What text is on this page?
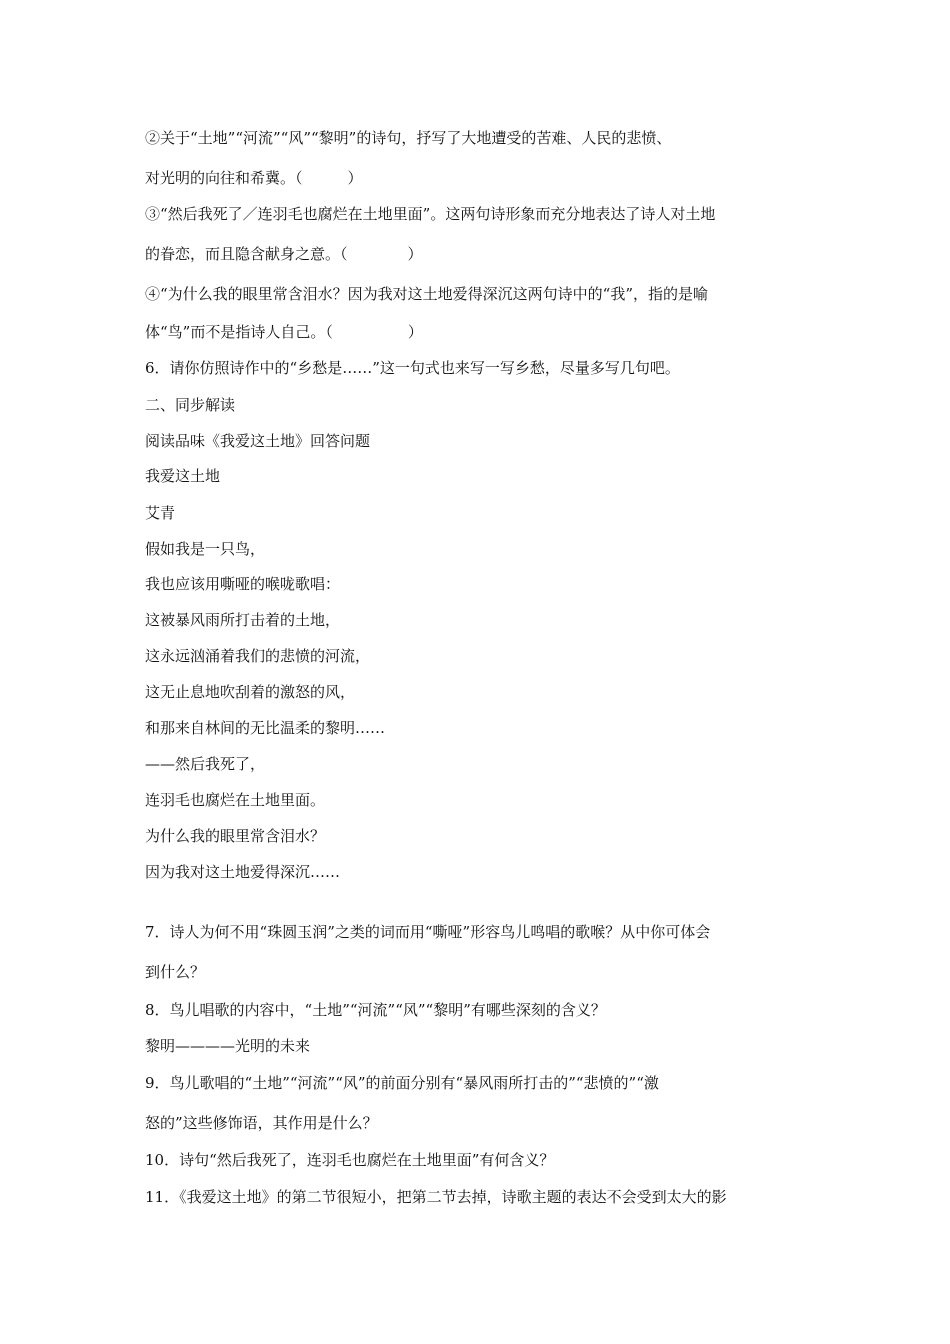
②关于“土地”“河流”“风”“黎明”的诗句，抒写了大地遭受的苦难、人民的悲愤、
对光明的向往和希冀。（　　　）
③“然后我死了／连羽毛也腐烂在土地里面”。这两句诗形象而充分地表达了诗人对土地
的眷恋，而且隐含献身之意。（　　　　）
④“为什么我的眼里常含泪水？因为我对这土地爱得深沉这两句诗中的“我”，指的是喻
体“鸟”而不是指诗人自己。（　　　　　）
6．请你仿照诗作中的“乡愁是……”这一句式也来写一写乡愁，尽量多写几句吧。
二、同步解读
阅读品味《我爱这土地》回答问题
我爱这土地
艾青
假如我是一只鸟，
我也应该用嘶哑的喉咙歌唱：
这被暴风雨所打击着的土地，
这永远汹涌着我们的悲愤的河流，
这无止息地吹刮着的激怒的风，
和那来自林间的无比温柔的黎明……
——然后我死了，
连羽毛也腐烂在土地里面。
为什么我的眼里常含泪水？
因为我对这土地爱得深沉……
7．诗人为何不用“珠圆玉润”之类的词而用“嘶哑”形容鸟儿鸣唱的歌喉？从中你可体会
到什么？
8．鸟儿唱歌的内容中，“土地”“河流”“风”“黎明”有哪些深刻的含义？
黎明————光明的未来
9．鸟儿歌唱的“土地”“河流”“风”的前面分别有“暴风雨所打击的”“悲愤的”“激
怒的”这些修饰语，其作用是什么？
10．诗句“然后我死了，连羽毛也腐烂在土地里面”有何含义？
11．《我爱这土地》的第二节很短小，把第二节去掉，诗歌主题的表达不会受到太大的影
